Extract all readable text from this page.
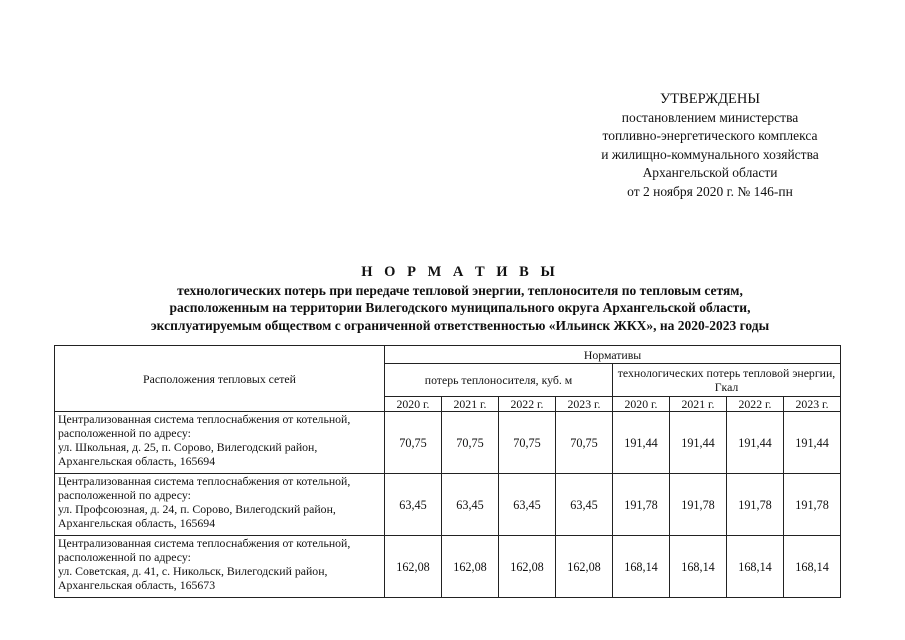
УТВЕРЖДЕНЫ
постановлением министерства
топливно-энергетического комплекса
и жилищно-коммунального хозяйства
Архангельской области
от 2 ноября 2020 г. № 146-пн
Н О Р М А Т И В Ы
технологических потерь при передаче тепловой энергии, теплоносителя по тепловым сетям,
расположенным на территории Вилегодского муниципального округа Архангельской области,
эксплуатируемым обществом с ограниченной ответственностью «Ильинск ЖКХ», на 2020-2023 годы
Расположения тепловых сетей	Нормативы							
	потерь теплоносителя, куб. м				технологических потерь тепловой энергии, Гкал			
	2020 г.	2021 г.	2022 г.	2023 г.	2020 г.	2021 г.	2022 г.	2023 г.

Централизованная система теплоснабжения от котельной,
расположенной по адресу:
ул. Школьная, д. 25, п. Сорово, Вилегодский район,
Архангельская область, 165694	70,75	70,75	70,75	70,75	191,44	191,44	191,44	191,44

Централизованная система теплоснабжения от котельной,
расположенной по адресу:
ул. Профсоюзная, д. 24, п. Сорово, Вилегодский район,
Архангельская область, 165694	63,45	63,45	63,45	63,45	191,78	191,78	191,78	191,78

Централизованная система теплоснабжения от котельной,
расположенной по адресу:
ул. Советская, д. 41, с. Никольск, Вилегодский район,
Архангельская область, 165673	162,08	162,08	162,08	162,08	168,14	168,14	168,14	168,14
